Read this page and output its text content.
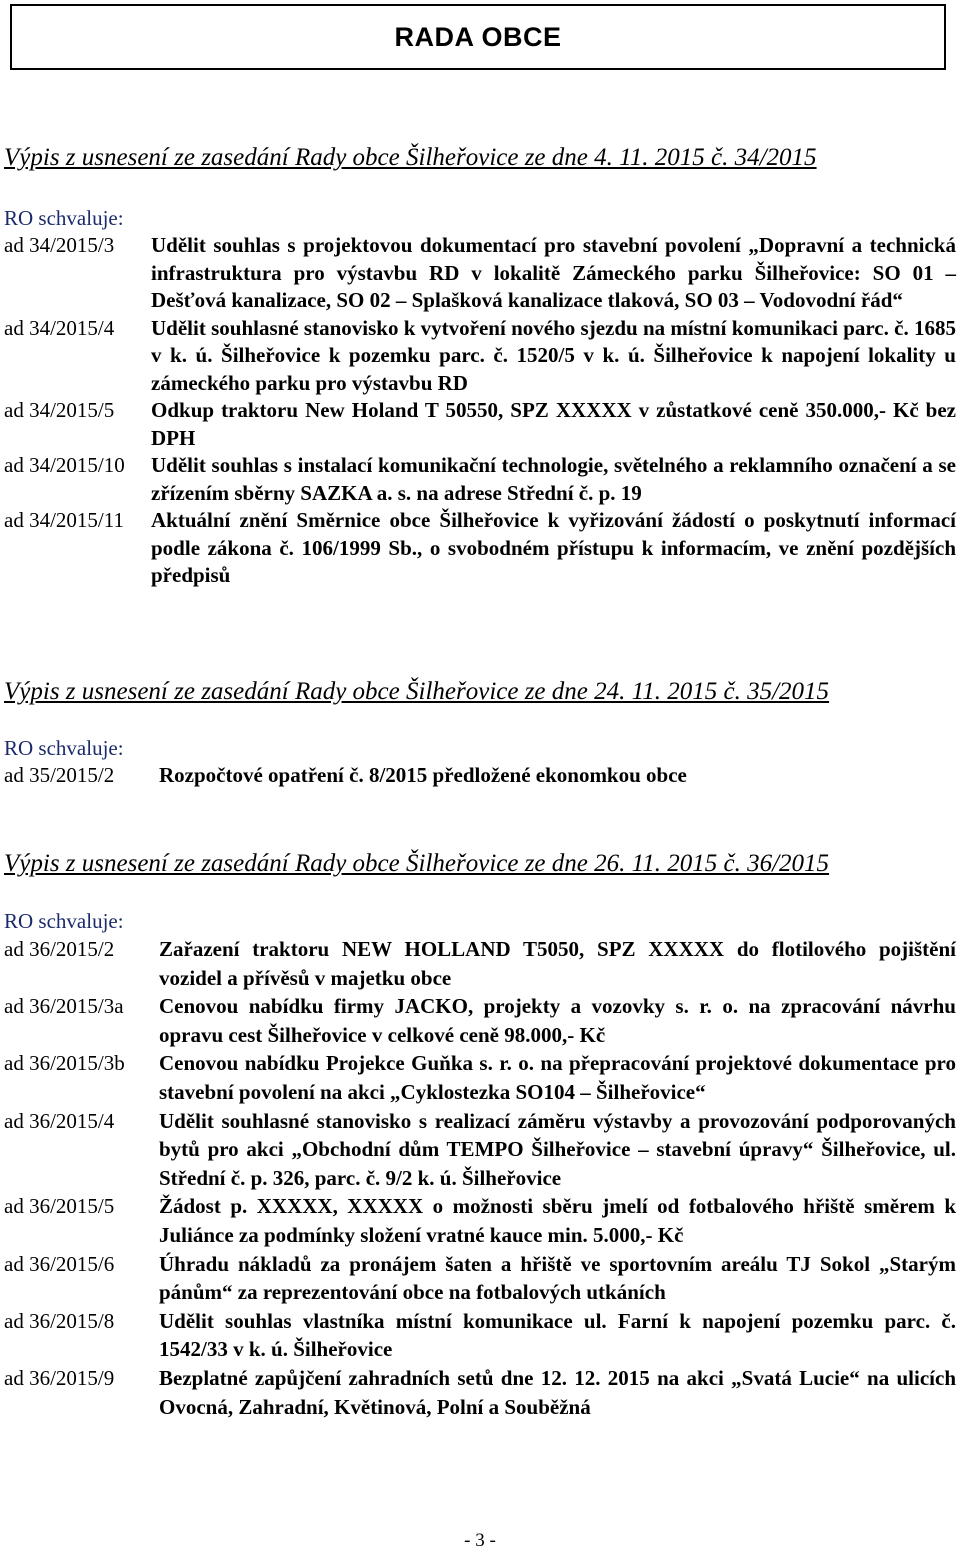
RADA OBCE

Výpis z usnesení ze zasedání Rady obce Šilheřovice ze dne 4. 11. 2015 č. 34/2015

RO schvaluje:
ad 34/2015/3	Udělit souhlas s projektovou dokumentací pro stavební povolení „Dopravní a technická infrastruktura pro výstavbu RD v lokalitě Zámeckého parku Šilheřovice: SO 01 – Dešťová kanalizace, SO 02 – Splašková kanalizace tlaková, SO 03 – Vodovodní řád“
ad 34/2015/4	Udělit souhlasné stanovisko k vytvoření nového sjezdu na místní komunikaci parc. č. 1685 v k. ú. Šilheřovice k pozemku parc. č. 1520/5 v k. ú. Šilheřovice k napojení lokality u zámeckého parku pro výstavbu RD
ad 34/2015/5	Odkup traktoru New Holand T 50550, SPZ XXXXX v zůstatkové ceně 350.000,- Kč bez DPH
ad 34/2015/10	Udělit souhlas s instalací komunikační technologie, světelného a reklamního označení a se zřízením sběrny SAZKA a. s. na adrese Střední č. p. 19
ad 34/2015/11	Aktuální znění Směrnice obce Šilheřovice k vyřizování žádostí o poskytnutí informací podle zákona č. 106/1999 Sb., o svobodném přístupu k informacím, ve znění pozdějších předpisů

Výpis z usnesení ze zasedání Rady obce Šilheřovice ze dne 24. 11. 2015 č. 35/2015

RO schvaluje:
ad 35/2015/2	Rozpočtové opatření č. 8/2015 předložené ekonomkou obce

Výpis z usnesení ze zasedání Rady obce Šilheřovice ze dne 26. 11. 2015 č. 36/2015

RO schvaluje:
ad 36/2015/2	Zařazení traktoru NEW HOLLAND T5050, SPZ XXXXX do flotilového pojištění vozidel a přívěsů v majetku obce
ad 36/2015/3a	Cenovou nabídku firmy JACKO, projekty a vozovky s. r. o. na zpracování návrhu opravu cest Šilheřovice v celkové ceně 98.000,- Kč
ad 36/2015/3b	Cenovou nabídku Projekce Guňka s. r. o. na přepracování projektové dokumentace pro stavební povolení na akci „Cyklostezka SO104 – Šilheřovice“
ad 36/2015/4	Udělit souhlasné stanovisko s realizací záměru výstavby a provozování podporovaných bytů pro akci „Obchodní dům TEMPO Šilheřovice – stavební úpravy“ Šilheřovice, ul. Střední č. p. 326, parc. č. 9/2 k. ú. Šilheřovice
ad 36/2015/5	Žádost p. XXXXX, XXXXX o možnosti sběru jmelí od fotbalového hřiště směrem k Juliánce za podmínky složení vratné kauce min. 5.000,- Kč
ad 36/2015/6	Úhradu nákladů za pronájem šaten a hřiště ve sportovním areálu TJ Sokol „Starým pánům“ za reprezentování obce na fotbalových utkáních
ad 36/2015/8	Udělit souhlas vlastníka místní komunikace ul. Farní k napojení pozemku parc. č. 1542/33 v k. ú. Šilheřovice
ad 36/2015/9	Bezplatné zapůjčení zahradních setů dne 12. 12. 2015 na akci „Svatá Lucie“ na ulicích Ovocná, Zahradní, Květinová, Polní a Souběžná
- 3 -
